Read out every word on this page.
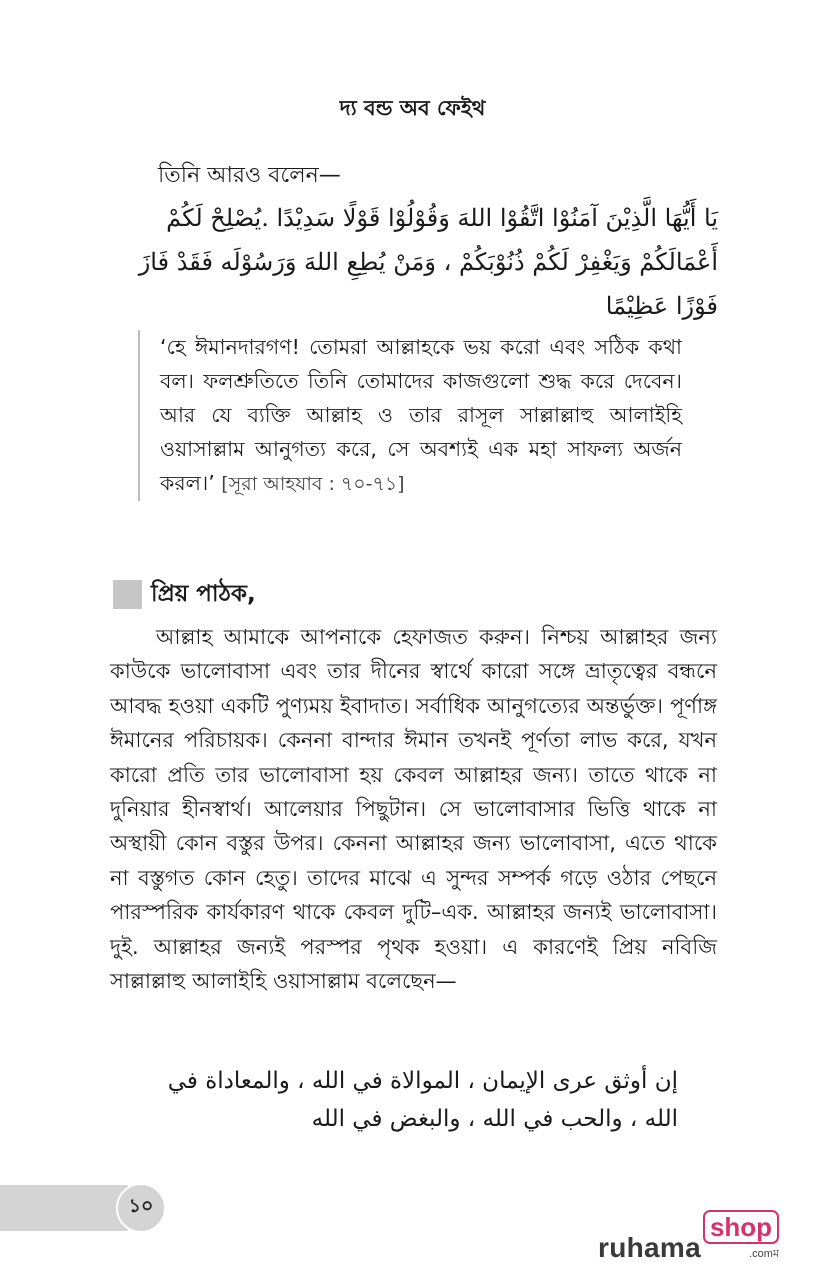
দ্য বন্ড অব ফেইথ

তিনি আরও বলেন—

يَا أَيُّهَا الَّذِيْنَ آمَنُوْا اتَّقُوْا اللهَ وَقُوْلُوْا قَوْلًا سَدِيْدًا .يُصْلِحْ لَكُمْ أَعْمَالَكُمْ وَيَغْفِرْ لَكُمْ ذُنُوْبَكُمْ ، وَمَنْ يُطِعِ اللهَ وَرَسُوْلَه فَقَدْ فَازَ فَوْزًا عَظِيْمًا

‘হে ঈমানদারগণ! তোমরা আল্লাহকে ভয় করো এবং সঠিক কথা বল। ফলশ্রুতিতে তিনি তোমাদের কাজগুলো শুদ্ধ করে দেবেন। আর যে ব্যক্তি আল্লাহ ও তার রাসূল সাল্লাল্লাহু আলাইহি ওয়াসাল্লাম আনুগত্য করে, সে অবশ্যই এক মহা সাফল্য অর্জন করল।’ [সূরা আহযাব : ৭০-৭১]
প্রিয় পাঠক,

আল্লাহ আমাকে আপনাকে হেফাজত করুন। নিশ্চয় আল্লাহর জন্য কাউকে ভালোবাসা এবং তার দীনের স্বার্থে কারো সঙ্গে ভ্রাতৃত্বের বন্ধনে আবদ্ধ হওয়া একটি পুণ্যময় ইবাদাত। সর্বাধিক আনুগত্যের অন্তর্ভুক্ত। পূর্ণাঙ্গ ঈমানের পরিচায়ক। কেননা বান্দার ঈমান তখনই পূর্ণতা লাভ করে, যখন কারো প্রতি তার ভালোবাসা হয় কেবল আল্লাহর জন্য। তাতে থাকে না দুনিয়ার হীনস্বার্থ। আলেয়ার পিছুটান। সে ভালোবাসার ভিত্তি থাকে না অস্থায়ী কোন বস্তুর উপর। কেননা আল্লাহর জন্য ভালোবাসা, এতে থাকে না বস্তুগত কোন হেতু। তাদের মাঝে এ সুন্দর সম্পর্ক গড়ে ওঠার পেছনে পারস্পরিক কার্যকারণ থাকে কেবল দুটি–এক. আল্লাহর জন্যই ভালোবাসা। দুই. আল্লাহর জন্যই পরস্পর পৃথক হওয়া। এ কারণেই প্রিয় নবিজি সাল্লাল্লাহু আলাইহি ওয়াসাল্লাম বলেছেন—

إن أوثق عرى الإيمان ، الموالاة في الله ، والمعاداة في الله ، والحب في الله ، والبغض في الله

১০
ruhama
shop
.comম
